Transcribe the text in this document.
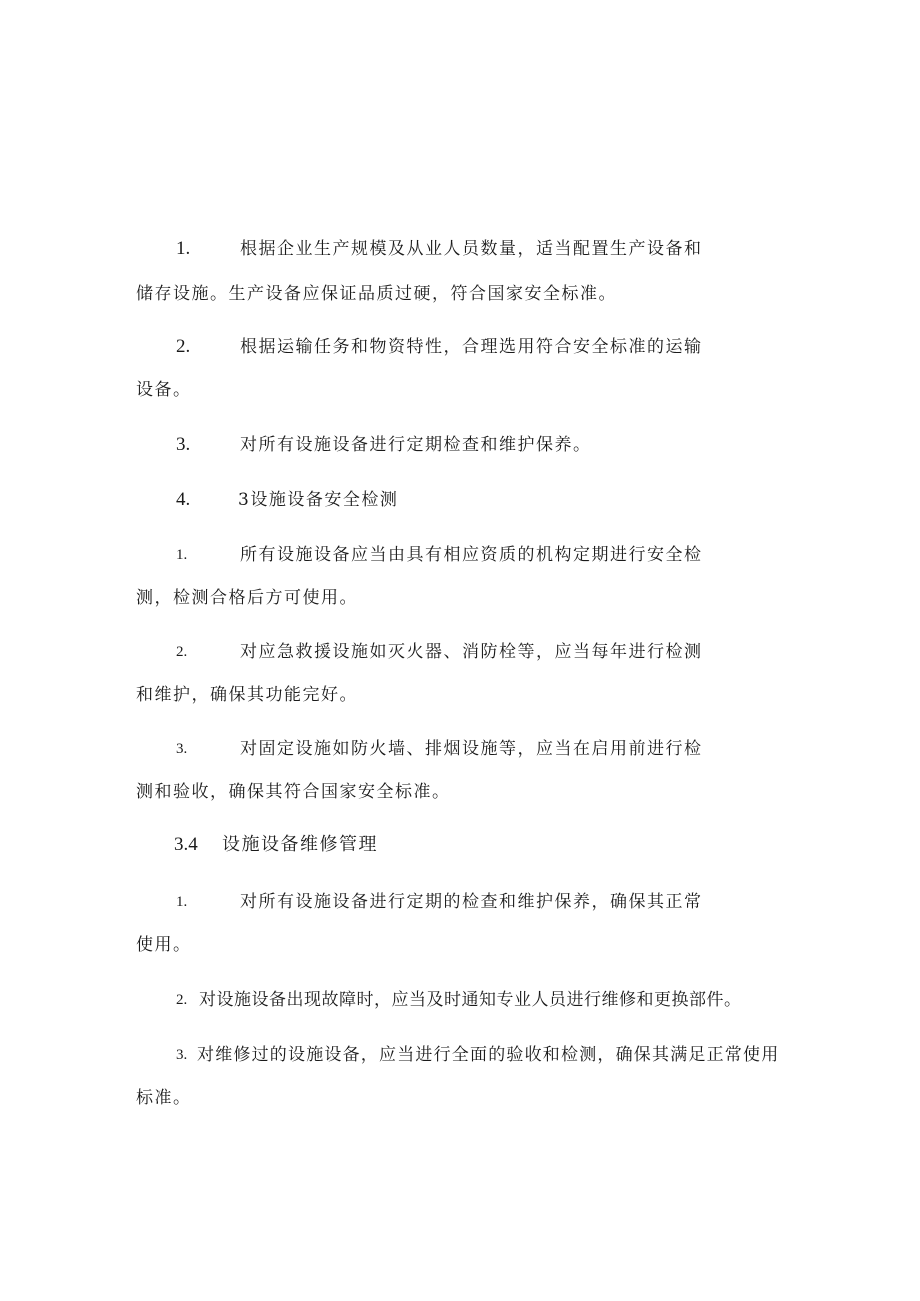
1.	根据企业生产规模及从业人员数量，适当配置生产设备和
储存设施。生产设备应保证品质过硬，符合国家安全标准。
2.	根据运输任务和物资特性，合理选用符合安全标准的运输
设备。
3.	对所有设施设备进行定期检查和维护保养。
4.	3设施设备安全检测
1.	所有设施设备应当由具有相应资质的机构定期进行安全检
测，检测合格后方可使用。
2.	对应急救援设施如灭火器、消防栓等，应当每年进行检测
和维护，确保其功能完好。
3.	对固定设施如防火墙、排烟设施等，应当在启用前进行检
测和验收，确保其符合国家安全标准。
3.4 设施设备维修管理
1.	对所有设施设备进行定期的检查和维护保养，确保其正常
使用。
2. 对设施设备出现故障时，应当及时通知专业人员进行维修和更换部件。
3. 对维修过的设施设备，应当进行全面的验收和检测，确保其满足正常使用
标准。
